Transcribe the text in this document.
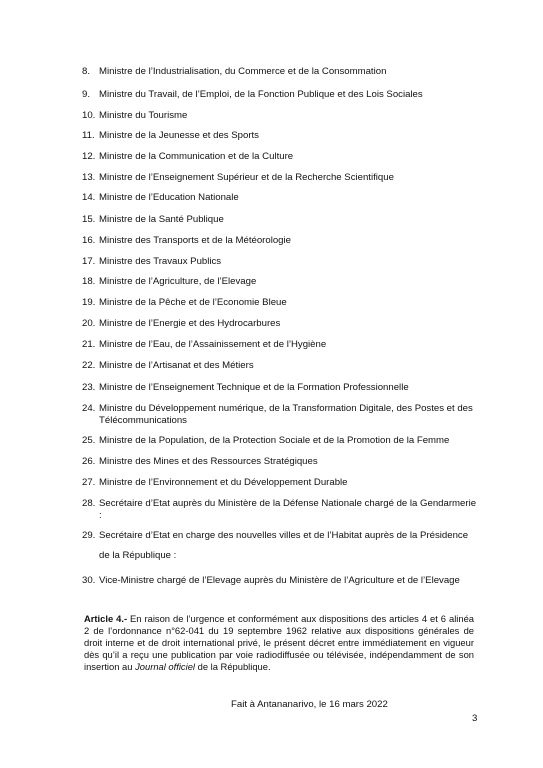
8. Ministre de l’Industrialisation, du Commerce et de la Consommation
9. Ministre du Travail, de l’Emploi, de la Fonction Publique et des Lois Sociales
10. Ministre du Tourisme
11. Ministre de la Jeunesse et des Sports
12. Ministre de la Communication et de la Culture
13. Ministre de l’Enseignement Supérieur et de la Recherche Scientifique
14. Ministre de l’Education Nationale
15. Ministre de la Santé Publique
16. Ministre des Transports et de la Météorologie
17. Ministre des Travaux Publics
18. Ministre de l’Agriculture, de l’Elevage
19. Ministre de la Pêche et de l’Economie Bleue
20. Ministre de l’Energie et des Hydrocarbures
21. Ministre de l’Eau, de l’Assainissement et de l’Hygiène
22. Ministre de l’Artisanat et des Métiers
23. Ministre de l’Enseignement Technique et de la Formation Professionnelle
24. Ministre du Développement numérique, de la Transformation Digitale, des Postes et des Télécommunications
25. Ministre de la Population, de la Protection Sociale et de la Promotion de la Femme
26. Ministre des Mines et des Ressources Stratégiques
27. Ministre de l’Environnement et du Développement Durable
28. Secrétaire d’Etat auprès du Ministère de la Défense Nationale chargé de la Gendarmerie :
29. Secrétaire d’Etat en charge des nouvelles villes et de l’Habitat auprès de la Présidence de la République :
30. Vice-Ministre chargé de l’Elevage auprès du Ministère de l’Agriculture et de l’Elevage
Article 4.- En raison de l’urgence et conformément aux dispositions des articles 4 et 6 alinéa 2 de l’ordonnance n°62-041 du 19 septembre 1962 relative aux dispositions générales de droit interne et de droit international privé, le présent décret entre immédiatement en vigueur dès qu’il a reçu une publication par voie radiodiffusée ou télévisée, indépendamment de son insertion au Journal officiel de la République.
Fait à Antananarivo, le 16 mars 2022
3
